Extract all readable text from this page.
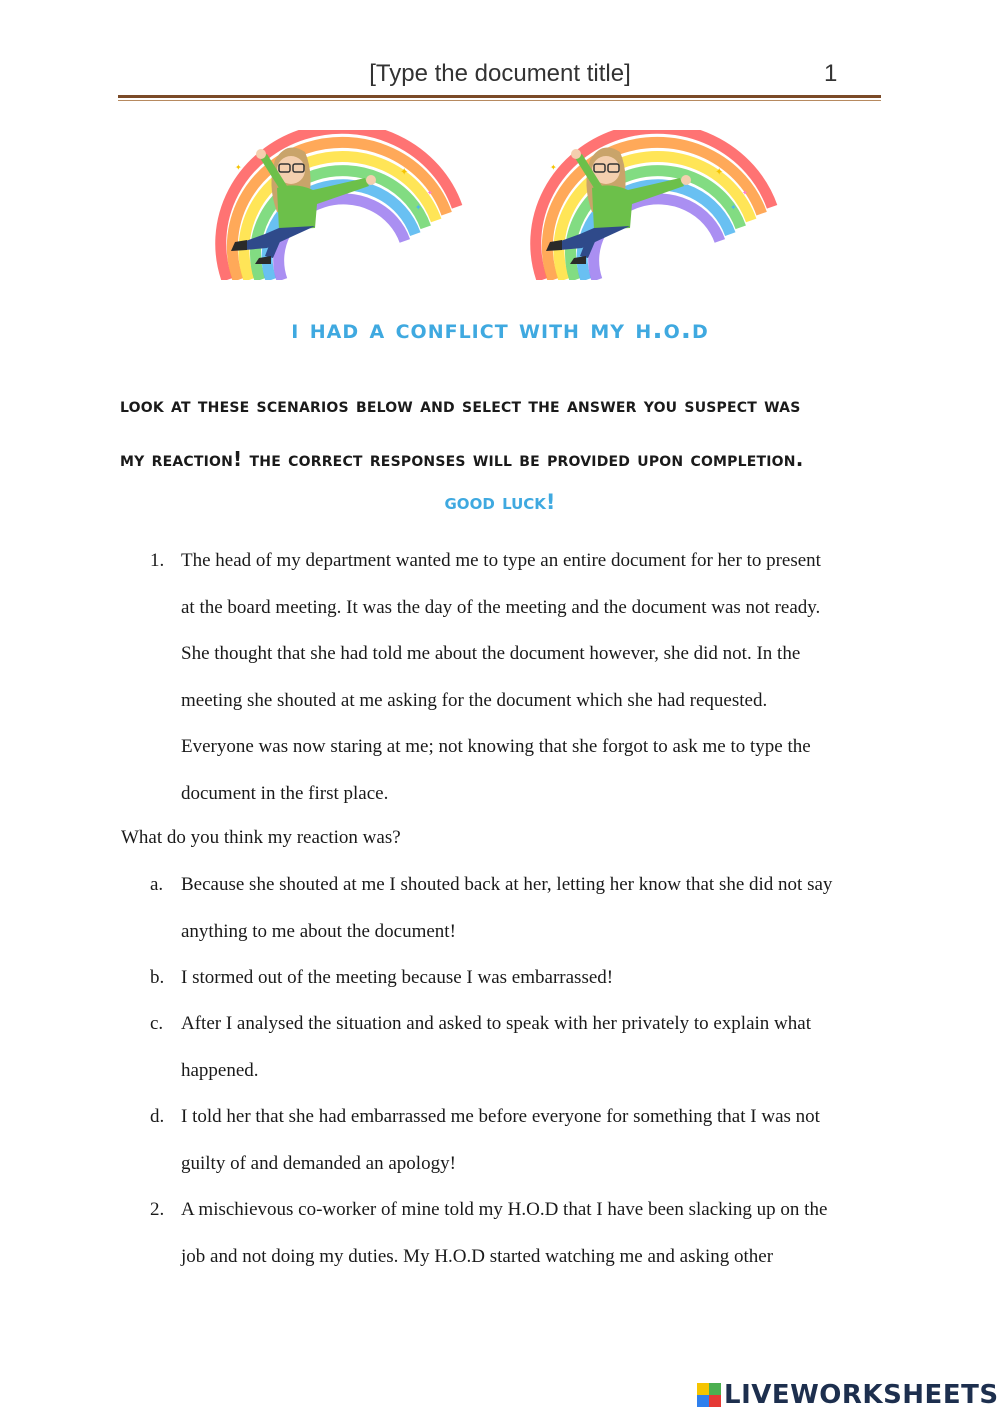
[Type the document title]	1
✦
✦
✦
✦
✦
✦
✦
✦
i had a conflict with my h.o.d
look at these scenarios below and select the answer you suspect was
my reaction! the correct responses will be provided upon completion.
good luck!
1. The head of my department wanted me to type an entire document for her to present
at the board meeting. It was the day of the meeting and the document was not ready.
She thought that she had told me about the document however, she did not. In the
meeting she shouted at me asking for the document which she had requested.
Everyone was now staring at me; not knowing that she forgot to ask me to type the
document in the first place.
What do you think my reaction was?
a. Because she shouted at me I shouted back at her, letting her know that she did not say
anything to me about the document!
b. I stormed out of the meeting because I was embarrassed!
c. After I analysed the situation and asked to speak with her privately to explain what
happened.
d. I told her that she had embarrassed me before everyone for something that I was not
guilty of and demanded an apology!
2. A mischievous co-worker of mine told my H.O.D that I have been slacking up on the
job and not doing my duties. My H.O.D started watching me and asking other
LIVEWORKSHEETS
